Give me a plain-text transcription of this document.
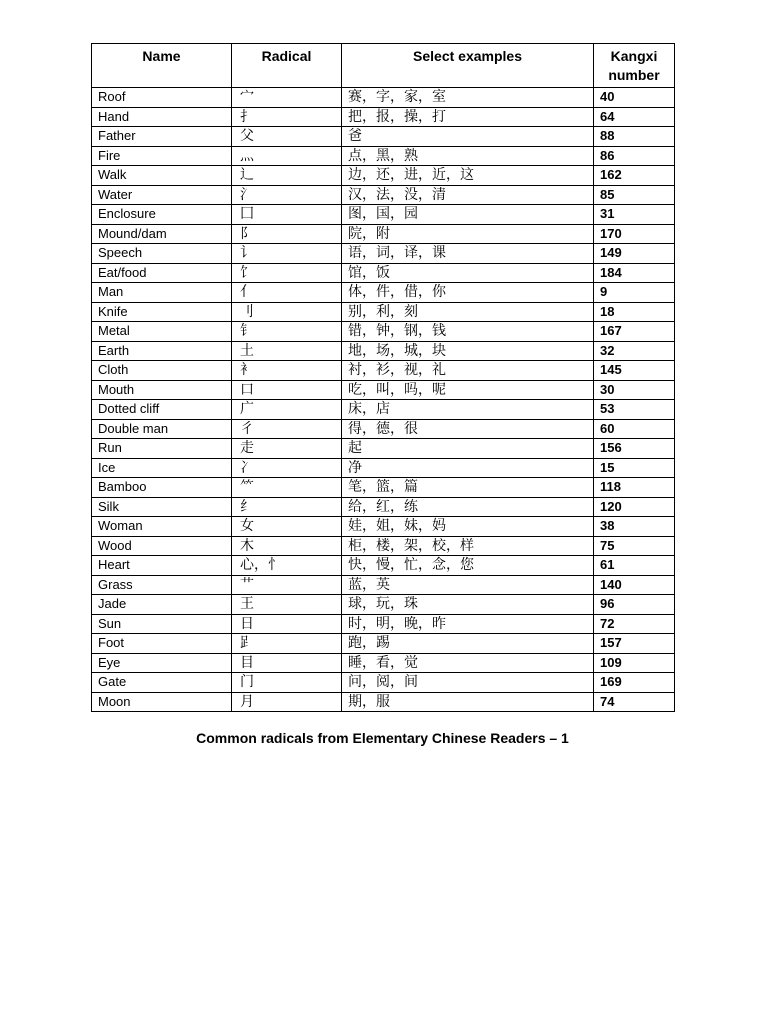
Name	Radical	Select examples	Kangxi number
Roof	宀	赛，字，家，室	40
Hand	扌	把，报，操，打	64
Father	父	爸	88
Fire	灬	点，黑，熟	86
Walk	辶	边，还，进，近，这	162
Water	氵	汉，法，没，清	85
Enclosure	囗	图，国，园	31
Mound/dam	阝	院，附	170
Speech	讠	语，词，译，课	149
Eat/food	饣	馆，饭	184
Man	亻	体，件，借，你	9
Knife	刂	别，利，刻	18
Metal	钅	错，钟，钢，钱	167
Earth	土	地，场，城，块	32
Cloth	衤	衬，衫，视，礼	145
Mouth	口	吃，叫，吗，呢	30
Dotted cliff	广	床，店	53
Double man	彳	得，德，很	60
Run	走	起	156
Ice	冫	净	15
Bamboo	⺮	笔，篮，篇	118
Silk	纟	给，红，练	120
Woman	女	娃，姐，妹，妈	38
Wood	木	柜，楼，架，校，样	75
Heart	心，忄	快，慢，忙，念，您	61
Grass	艹	蓝，英	140
Jade	王	球，玩，珠	96
Sun	日	时，明，晚，昨	72
Foot	𧾷	跑，踢	157
Eye	目	睡，看，觉	109
Gate	门	问，阅，间	169
Moon	月	期，服	74

Common radicals from Elementary Chinese Readers – 1
